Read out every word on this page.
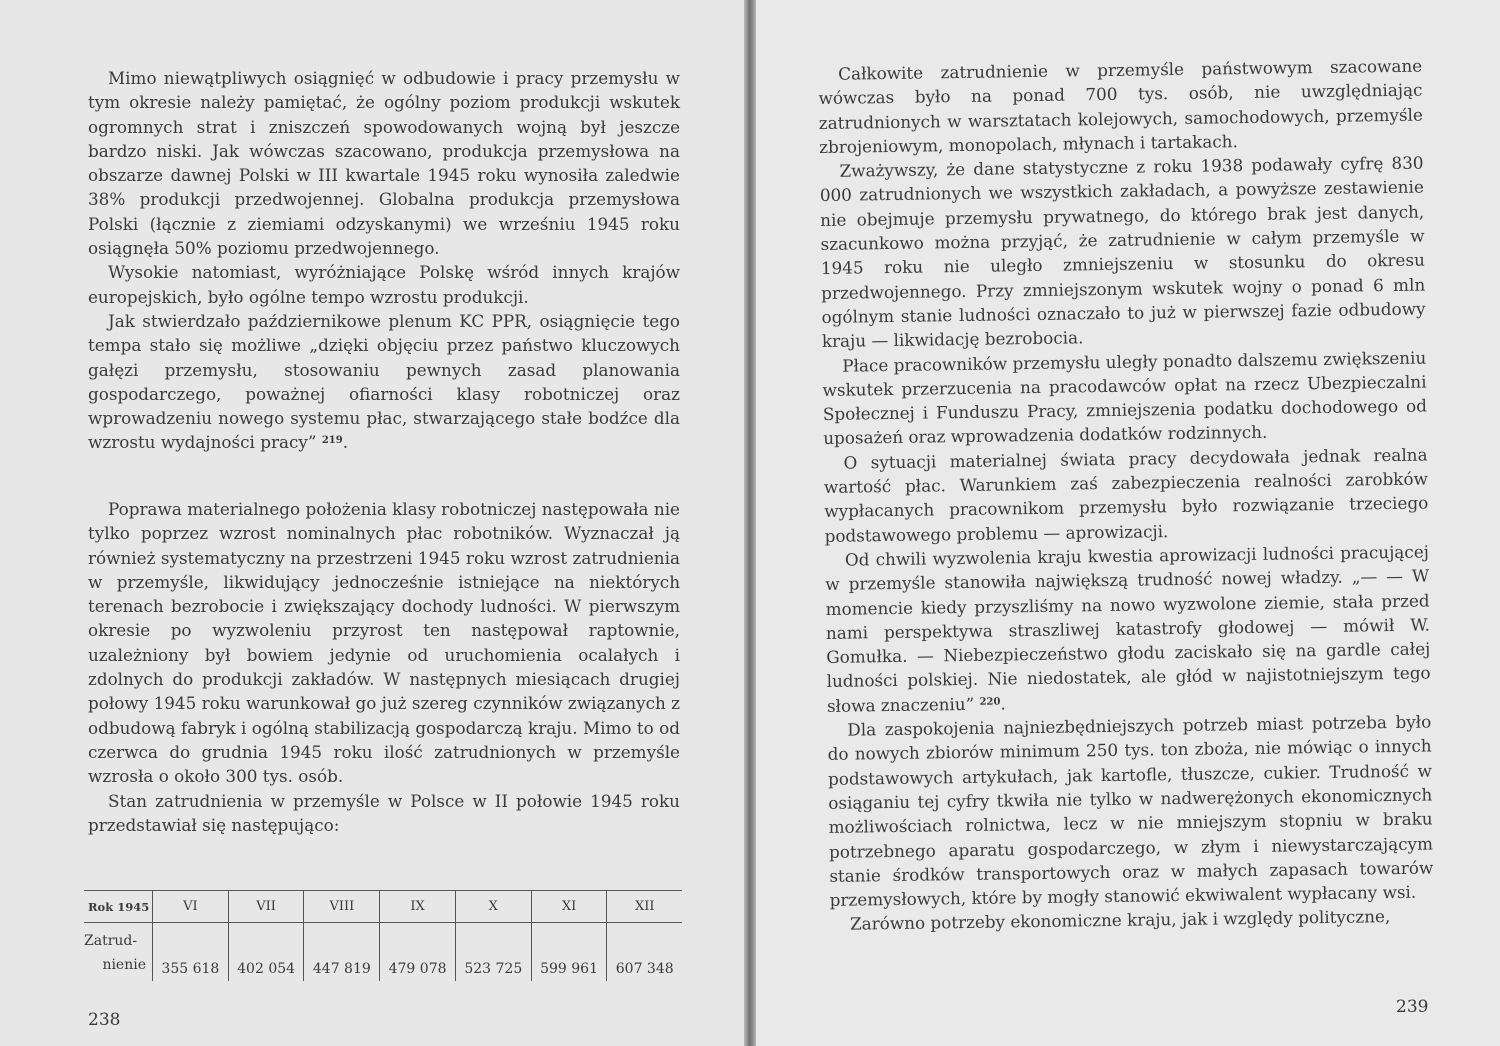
Mimo niewątpliwych osiągnięć w odbudowie i pracy przemysłu w tym okresie należy pamiętać, że ogólny poziom produkcji wskutek ogromnych strat i zniszczeń spowodowanych wojną był jeszcze bardzo niski. Jak wówczas szacowano, produkcja przemysłowa na obszarze dawnej Polski w III kwartale 1945 roku wynosiła zaledwie 38% produkcji przedwojennej. Globalna produkcja przemysłowa Polski (łącznie z ziemiami odzyskanymi) we wrześniu 1945 roku osiągnęła 50% poziomu przedwojennego.

Wysokie natomiast, wyróżniające Polskę wśród innych krajów europejskich, było ogólne tempo wzrostu produkcji.

Jak stwierdzało październikowe plenum KC PPR, osiągnięcie tego tempa stało się możliwe „dzięki objęciu przez państwo kluczowych gałęzi przemysłu, stosowaniu pewnych zasad planowania gospodarczego, poważnej ofiarności klasy robotniczej oraz wprowadzeniu nowego systemu płac, stwarzającego stałe bodźce dla wzrostu wydajności pracy” $^{219}$.

Poprawa materialnego położenia klasy robotniczej następowała nie tylko poprzez wzrost nominalnych płac robotników. Wyznaczał ją również systematyczny na przestrzeni 1945 roku wzrost zatrudnienia w przemyśle, likwidujący jednocześnie istniejące na niektórych terenach bezrobocie i zwiększający dochody ludności. W pierwszym okresie po wyzwoleniu przyrost ten następował raptownie, uzależniony był bowiem jedynie od uruchomienia ocalałych i zdolnych do produkcji zakładów. W następnych miesiącach drugiej połowy 1945 roku warunkował go już szereg czynników związanych z odbudową fabryk i ogólną stabilizacją gospodarczą kraju. Mimo to od czerwca do grudnia 1945 roku ilość zatrudnionych w przemyśle wzrosła o około 300 tys. osób.

Stan zatrudnienia w przemyśle w Polsce w II połowie 1945 roku przedstawiał się następująco:

Rok 1945	VI	VII	VIII	IX	X	XI	XII
Zatrud-
nienie	355 618	402 054	447 819	479 078	523 725	599 961	607 348
238

Całkowite zatrudnienie w przemyśle państwowym szacowane wówczas było na ponad 700 tys. osób, nie uwzględniając zatrudnionych w warsztatach kolejowych, samochodowych, przemyśle zbrojeniowym, monopolach, młynach i tartakach.

Zważywszy, że dane statystyczne z roku 1938 podawały cyfrę 830 000 zatrudnionych we wszystkich zakładach, a powyższe zestawienie nie obejmuje przemysłu prywatnego, do którego brak jest danych, szacunkowo można przyjąć, że zatrudnienie w całym przemyśle w 1945 roku nie uległo zmniejszeniu w stosunku do okresu przedwojennego. Przy zmniejszonym wskutek wojny o ponad 6 mln ogólnym stanie ludności oznaczało to już w pierwszej fazie odbudowy kraju — likwidację bezrobocia.

Płace pracowników przemysłu uległy ponadto dalszemu zwiększeniu wskutek przerzucenia na pracodawców opłat na rzecz Ubezpieczalni Społecznej i Funduszu Pracy, zmniejszenia podatku dochodowego od uposażeń oraz wprowadzenia dodatków rodzinnych.

O sytuacji materialnej świata pracy decydowała jednak realna wartość płac. Warunkiem zaś zabezpieczenia realności zarobków wypłacanych pracownikom przemysłu było rozwiązanie trzeciego podstawowego problemu — aprowizacji.

Od chwili wyzwolenia kraju kwestia aprowizacji ludności pracującej w przemyśle stanowiła największą trudność nowej władzy. „— — W momencie kiedy przyszliśmy na nowo wyzwolone ziemie, stała przed nami perspektywa straszliwej katastrofy głodowej — mówił W. Gomułka. — Niebezpieczeństwo głodu zaciskało się na gardle całej ludności polskiej. Nie niedostatek, ale głód w najistotniejszym tego słowa znaczeniu” $^{220}$.

Dla zaspokojenia najniezbędniejszych potrzeb miast potrzeba było do nowych zbiorów minimum 250 tys. ton zboża, nie mówiąc o innych podstawowych artykułach, jak kartofle, tłuszcze, cukier. Trudność w osiąganiu tej cyfry tkwiła nie tylko w nadwerężonych ekonomicznych możliwościach rolnictwa, lecz w nie mniejszym stopniu w braku potrzebnego aparatu gospodarczego, w złym i niewystarczającym stanie środków transportowych oraz w małych zapasach towarów przemysłowych, które by mogły stanowić ekwiwalent wypłacany wsi.

Zarówno potrzeby ekonomiczne kraju, jak i względy polityczne,

239
